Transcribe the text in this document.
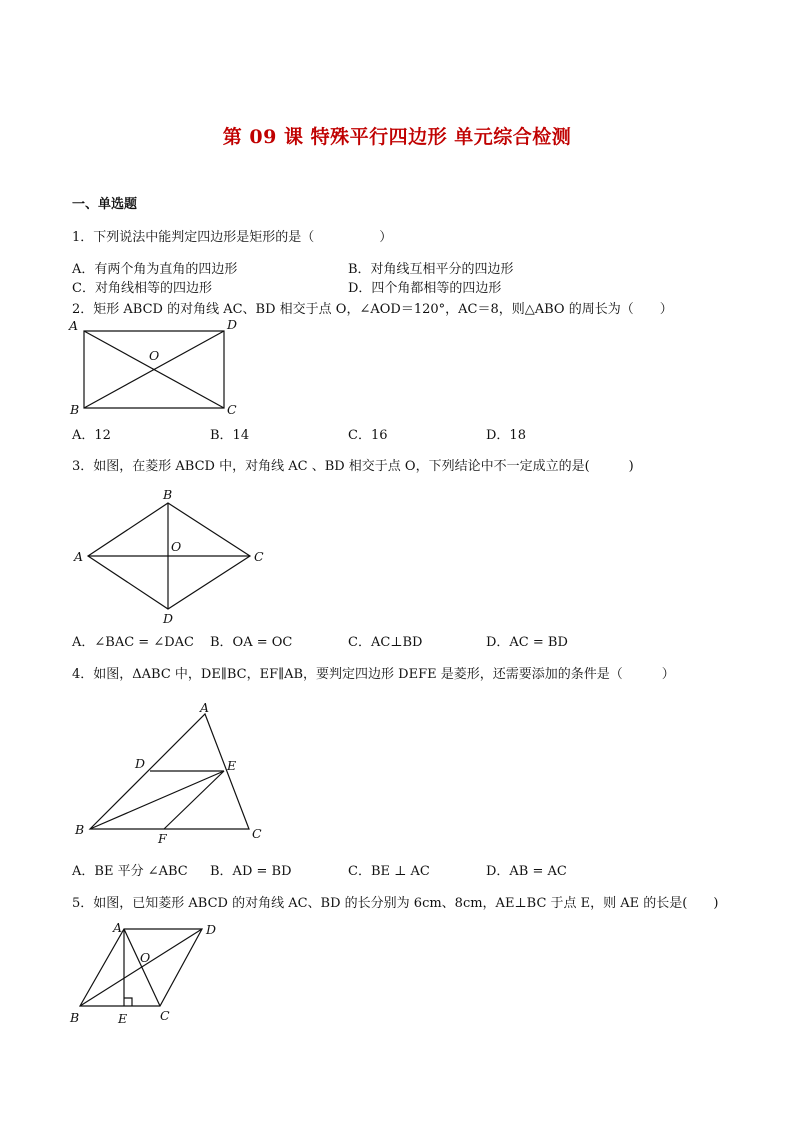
第 09 课 特殊平行四边形 单元综合检测
一、单选题
1．下列说法中能判定四边形是矩形的是（　　　　　）
A．有两个角为直角的四边形	B．对角线互相平分的四边形
C．对角线相等的四边形	D．四个角都相等的四边形
2．矩形 ABCD 的对角线 AC、BD 相交于点 O，∠AOD＝120°，AC＝8，则△ABO 的周长为（　　）
A	D
O
B	C
A．12	B．14	C．16	D．18
3．如图，在菱形 ABCD 中，对角线 AC 、BD 相交于点 O，下列结论中不一定成立的是(　　　)
B
A
O
C
D
A．∠BAC = ∠DAC B．OA = OC	C．AC⊥BD	D．AC = BD
4．如图，ΔABC 中，DE∥BC，EF∥AB，要判定四边形 DEFE 是菱形，还需要添加的条件是（　　　）
A
D	E
B
F	C
A．BE 平分 ∠ABC B．AD = BD	C．BE ⊥ AC	D．AB = AC
5．如图，已知菱形 ABCD 的对角线 AC、BD 的长分别为 6cm、8cm，AE⊥BC 于点 E，则 AE 的长是(　　)
A	D
O
B	E	C
